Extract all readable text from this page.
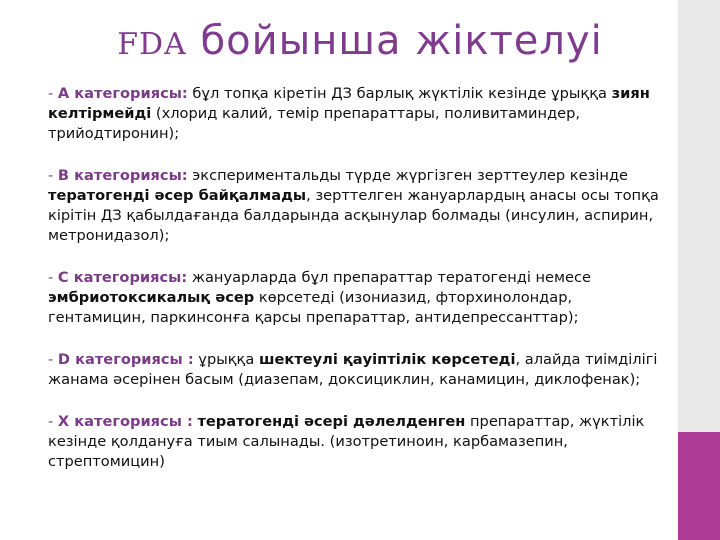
FDA бойынша жіктелуі

- А категориясы: бұл топқа кіретін ДЗ барлық жүктілік кезінде ұрыққа зиян келтірмейді (хлорид калий, темір препараттары, поливитаминдер, трийодтиронин);

- В категориясы: экспериментальды түрде жүргізген зерттеулер кезінде тератогенді әсер байқалмады, зерттелген жануарлардың анасы осы топқа кірітін ДЗ қабылдағанда балдарында асқынулар болмады (инсулин, аспирин, метронидазол);

- С категориясы: жануарларда бұл препараттар тератогенді немесе эмбриотоксикалық әсер көрсетеді (изониазид, фторхинолондар, гентамицин, паркинсонға қарсы препараттар, антидепрессанттар);

- D категориясы : ұрыққа шектеулі қауіптілік көрсетеді, алайда тиімділігі жанама әсерінен басым (диазепам, доксициклин, канамицин, диклофенак);

- Х категориясы : тератогенді әсері дәлелденген препараттар, жүктілік кезінде қолдануға тиым салынады. (изотретиноин, карбамазепин, стрептомицин)
